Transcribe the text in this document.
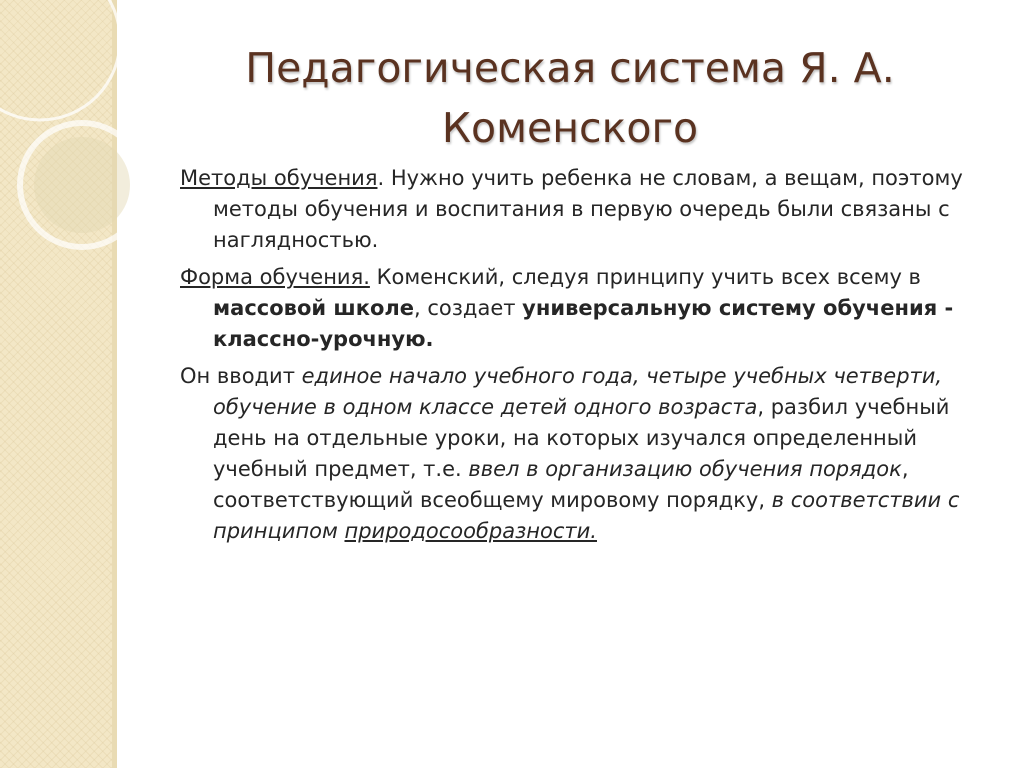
Педагогическая система Я. А. Коменского

Методы обучения. Нужно учить ребенка не словам, а вещам, поэтому методы обучения и воспитания в первую очередь были связаны с наглядностью.

Форма обучения. Коменский, следуя принципу учить всех всему в массовой школе, создает универсальную систему обучения - классно-урочную.

Он вводит единое начало учебного года, четыре учебных четверти, обучение в одном классе детей одного возраста, разбил учебный день на отдельные уроки, на которых изучался определенный учебный предмет, т.е. ввел в организацию обучения порядок, соответствующий всеобщему мировому порядку, в соответствии с принципом природосообразности.
